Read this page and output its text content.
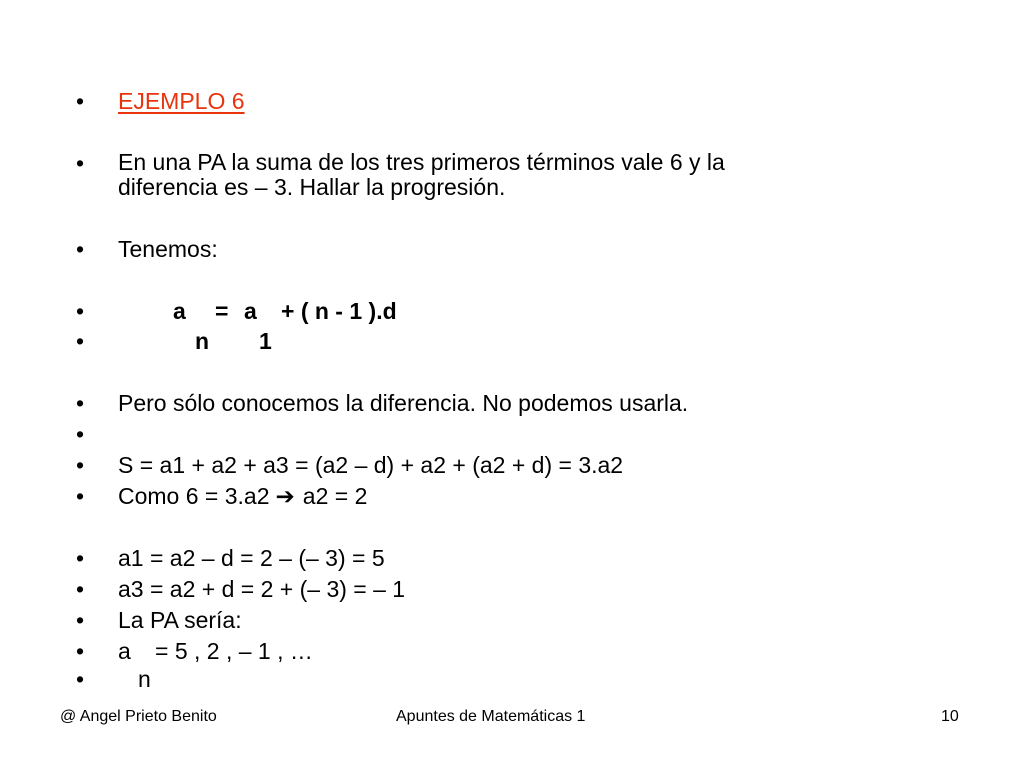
• EJEMPLO 6
• En una PA la suma de los tres primeros términos vale 6 y la diferencia es – 3. Hallar la progresión.
• Tenemos:
•	a = a + ( n - 1 ).d
•	n 1
• Pero sólo conocemos la diferencia. No podemos usarla.
•
• S = a1 + a2 + a3 = (a2 – d) + a2 + (a2 + d) = 3.a2
• Como 6 = 3.a2 ➔ a2 = 2
• a1 = a2 – d = 2 – (– 3) = 5
• a3 = a2 + d = 2 + (– 3) = – 1
• La PA sería:
• a = 5 , 2 , – 1 , …
• n
@ Angel Prieto Benito	Apuntes de Matemáticas 1	10
